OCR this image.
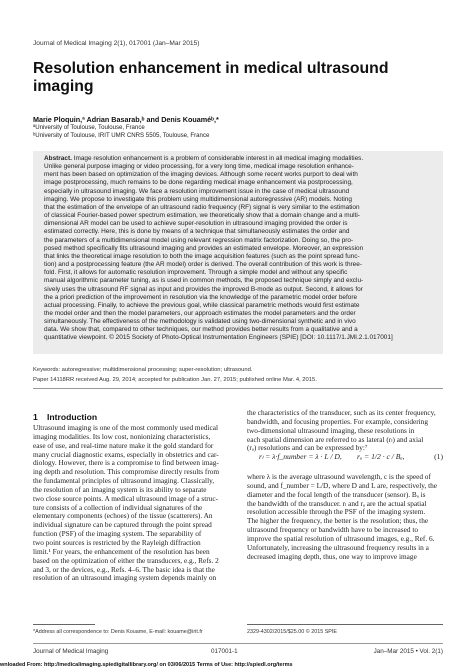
Journal of Medical Imaging 2(1), 017001 (Jan–Mar 2015)
Resolution enhancement in medical ultrasound
imaging
Marie Ploquin,ª Adrian Basarab,ᵇ and Denis Kouaméᵇ,*
ªUniversity of Toulouse, Toulouse, France
ᵇUniversity of Toulouse, IRIT UMR CNRS 5505, Toulouse, France
Abstract. Image resolution enhancement is a problem of considerable interest in all medical imaging modalities.
Unlike general purpose imaging or video processing, for a very long time, medical image resolution enhance-
ment has been based on optimization of the imaging devices. Although some recent works purport to deal with
image postprocessing, much remains to be done regarding medical image enhancement via postprocessing,
especially in ultrasound imaging. We face a resolution improvement issue in the case of medical ultrasound
imaging. We propose to investigate this problem using multidimensional autoregressive (AR) models. Noting
that the estimation of the envelope of an ultrasound radio frequency (RF) signal is very similar to the estimation
of classical Fourier-based power spectrum estimation, we theoretically show that a domain change and a multi-
dimensional AR model can be used to achieve super-resolution in ultrasound imaging provided the order is
estimated correctly. Here, this is done by means of a technique that simultaneously estimates the order and
the parameters of a multidimensional model using relevant regression matrix factorization. Doing so, the pro-
posed method specifically fits ultrasound imaging and provides an estimated envelope. Moreover, an expression
that links the theoretical image resolution to both the image acquisition features (such as the point spread func-
tion) and a postprocessing feature (the AR model) order is derived. The overall contribution of this work is three-
fold. First, it allows for automatic resolution improvement. Through a simple model and without any specific
manual algorithmic parameter tuning, as is used in common methods, the proposed technique simply and exclu-
sively uses the ultrasound RF signal as input and provides the improved B-mode as output. Second, it allows for
the a priori prediction of the improvement in resolution via the knowledge of the parametric model order before
actual processing. Finally, to achieve the previous goal, while classical parametric methods would first estimate
the model order and then the model parameters, our approach estimates the model parameters and the order
simultaneously. The effectiveness of the methodology is validated using two-dimensional synthetic and in vivo
data. We show that, compared to other techniques, our method provides better results from a qualitative and a
quantitative viewpoint. © 2015 Society of Photo-Optical Instrumentation Engineers (SPIE) [DOI: 10.1117/1.JMI.2.1.017001]
Keywords: autoregressive; multidimensional processing; super-resolution; ultrasound.
Paper 14118RR received Aug. 29, 2014; accepted for publication Jan. 27, 2015; published online Mar. 4, 2015.
1 Introduction
Ultrasound imaging is one of the most commonly used medical
imaging modalities. Its low cost, nonionizing characteristics,
ease of use, and real-time nature make it the gold standard for
many crucial diagnostic exams, especially in obstetrics and car-
diology. However, there is a compromise to find between imag-
ing depth and resolution. This compromise directly results from
the fundamental principles of ultrasound imaging. Classically,
the resolution of an imaging system is its ability to separate
two close source points. A medical ultrasound image of a struc-
ture consists of a collection of individual signatures of the
elementary components (echoes) of the tissue (scatterers). An
individual signature can be captured through the point spread
function (PSF) of the imaging system. The separability of
two point sources is restricted by the Rayleigh diffraction
limit.¹ For years, the enhancement of the resolution has been
based on the optimization of either the transducers, e.g., Refs. 2
and 3, or the devices, e.g., Refs. 4–6. The basic idea is that the
resolution of an ultrasound imaging system depends mainly on
the characteristics of the transducer, such as its center frequency,
bandwidth, and focusing properties. For example, considering
two-dimensional ultrasound imaging, these resolutions in
each spatial dimension are referred to as lateral (rₗ) and axial
(rₐ) resolutions and can be expressed by:⁷
rₗ = λ·f_number = λ · L / D, rₐ = 1/2 · c / Bₐ,	(1)
where λ is the average ultrasound wavelength, c is the speed of
sound, and f_number = L/D, where D and L are, respectively, the
diameter and the focal length of the transducer (sensor). Bₐ is
the bandwidth of the transducer. rₗ and rₐ are the actual spatial
resolution accessible through the PSF of the imaging system.
The higher the frequency, the better is the resolution; thus, the
ultrasound frequency or bandwidth have to be increased to
improve the spatial resolution of ultrasound images, e.g., Ref. 6.
Unfortunately, increasing the ultrasound frequency results in a
decreased imaging depth, thus, one way to improve image
*Address all correspondence to: Denis Kouame, E-mail: kouame@irit.fr	2329-4302/2015/$25.00 © 2015 SPIE
Journal of Medical Imaging	017001-1	Jan–Mar 2015 • Vol. 2(1)
wnloaded From: http://medicalimaging.spiedigitallibrary.org/ on 03/06/2015 Terms of Use: http://spiedl.org/terms
